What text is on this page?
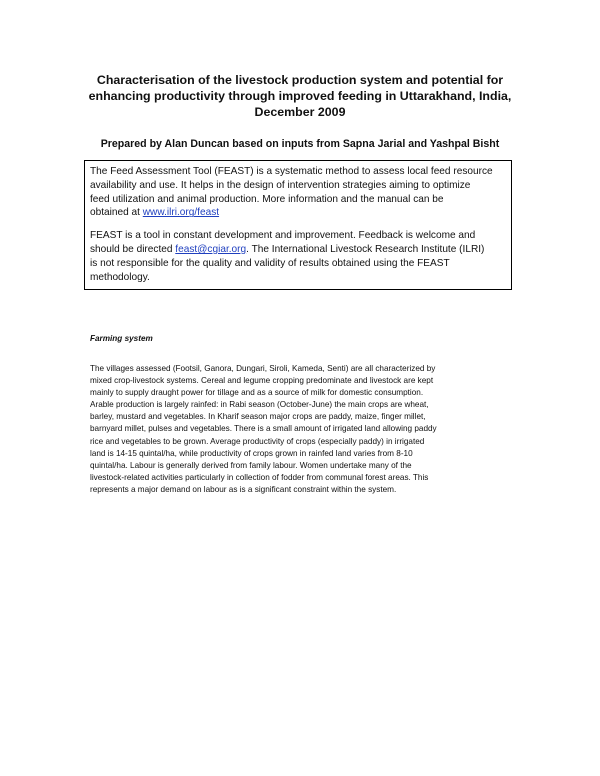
Characterisation of the livestock production system and potential for
enhancing productivity through improved feeding in Uttarakhand, India,
December 2009
Prepared by Alan Duncan based on inputs from Sapna Jarial and Yashpal Bisht

The Feed Assessment Tool (FEAST) is a systematic method to assess local feed resource
availability and use. It helps in the design of intervention strategies aiming to optimize
feed utilization and animal production. More information and the manual can be
obtained at www.ilri.org/feast

FEAST is a tool in constant development and improvement. Feedback is welcome and
should be directed feast@cgiar.org. The International Livestock Research Institute (ILRI)
is not responsible for the quality and validity of results obtained using the FEAST
methodology.

Farming system
The villages assessed (Footsil, Ganora, Dungari, Siroli, Kameda, Senti) are all characterized by
mixed crop-livestock systems. Cereal and legume cropping predominate and livestock are kept
mainly to supply draught power for tillage and as a source of milk for domestic consumption.
Arable production is largely rainfed: in Rabi season (October-June) the main crops are wheat,
barley, mustard and vegetables. In Kharif season major crops are paddy, maize, finger millet,
barnyard millet, pulses and vegetables. There is a small amount of irrigated land allowing paddy
rice and vegetables to be grown. Average productivity of crops (especially paddy) in irrigated
land is 14-15 quintal/ha, while productivity of crops grown in rainfed land varies from 8-10
quintal/ha. Labour is generally derived from family labour. Women undertake many of the
livestock-related activities particularly in collection of fodder from communal forest areas. This
represents a major demand on labour as is a significant constraint within the system.
